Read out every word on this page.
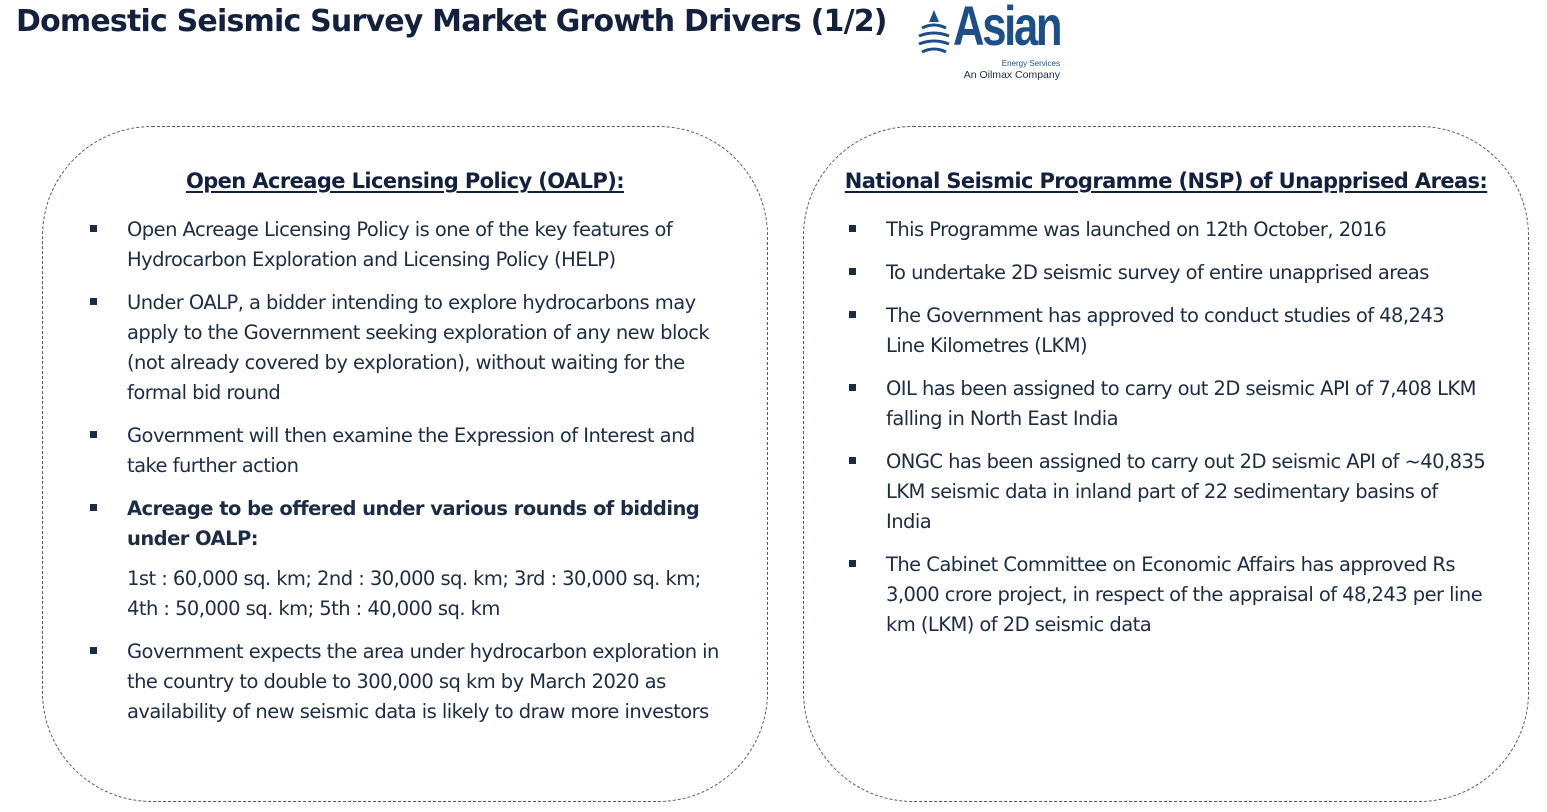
Domestic Seismic Survey Market Growth Drivers (1/2) Asian
Energy Services
An Oilmax Company
Open Acreage Licensing Policy (OALP):
Open Acreage Licensing Policy is one of the key features of Hydrocarbon Exploration and Licensing Policy (HELP)
Under OALP, a bidder intending to explore hydrocarbons may apply to the Government seeking exploration of any new block (not already covered by exploration), without waiting for the formal bid round
Government will then examine the Expression of Interest and take further action
Acreage to be offered under various rounds of bidding under OALP:
1st : 60,000 sq. km; 2nd : 30,000 sq. km; 3rd : 30,000 sq. km;
4th : 50,000 sq. km; 5th : 40,000 sq. km
Government expects the area under hydrocarbon exploration in the country to double to 300,000 sq km by March 2020 as availability of new seismic data is likely to draw more investors
National Seismic Programme (NSP) of Unapprised Areas:
This Programme was launched on 12th October, 2016
To undertake 2D seismic survey of entire unapprised areas
The Government has approved to conduct studies of 48,243 Line Kilometres (LKM)
OIL has been assigned to carry out 2D seismic API of 7,408 LKM falling in North East India
ONGC has been assigned to carry out 2D seismic API of ~40,835 LKM seismic data in inland part of 22 sedimentary basins of India
The Cabinet Committee on Economic Affairs has approved Rs 3,000 crore project, in respect of the appraisal of 48,243 per line km (LKM) of 2D seismic data
